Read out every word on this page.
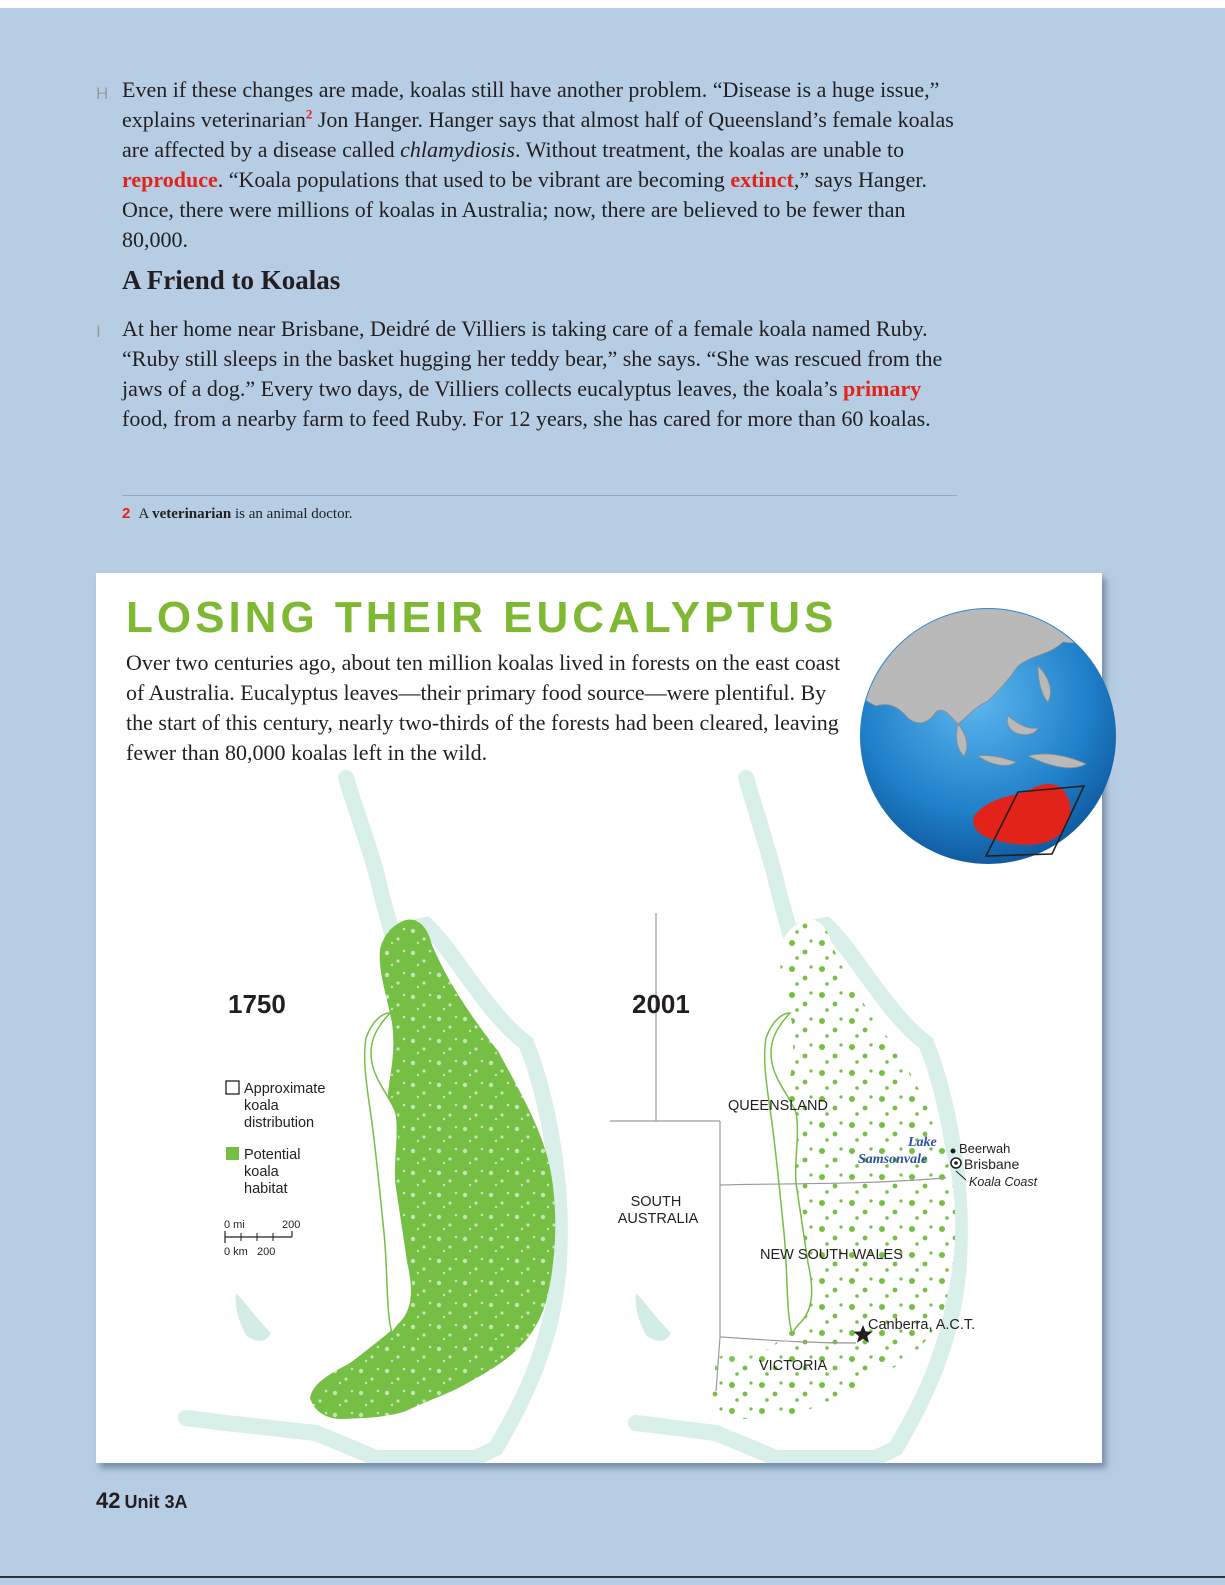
H Even if these changes are made, koalas still have another problem. “Disease is a huge issue,” explains veterinarian$^2$ Jon Hanger. Hanger says that almost half of Queensland’s female koalas are affected by a disease called chlamydiosis. Without treatment, the koalas are unable to reproduce. “Koala populations that used to be vibrant are becoming extinct,” says Hanger. Once, there were millions of koalas in Australia; now, there are believed to be fewer than 80,000.

A Friend to Koalas
I At her home near Brisbane, Deidré de Villiers is taking care of a female koala named Ruby. “Ruby still sleeps in the basket hugging her teddy bear,” she says. “She was rescued from the jaws of a dog.” Every two days, de Villiers collects eucalyptus leaves, the koala’s primary food, from a nearby farm to feed Ruby. For 12 years, she has cared for more than 60 koalas.

2 A veterinarian is an animal doctor.

LOSING THEIR EUCALYPTUS

Over two centuries ago, about ten million koalas lived in forests on the east coast of Australia. Eucalyptus leaves—their primary food source—were plentiful. By the start of this century, nearly two-thirds of the forests had been cleared, leaving fewer than 80,000 koalas left in the wild.

1750
Approximate koala distribution
Potential koala habitat
0 mi	200
0 km 200
2001
QUEENSLAND
SOUTH AUSTRALIA
NEW SOUTH WALES
VICTORIA
Lake
Samsonvale
Beerwah
Brisbane
Koala Coast
Canberra, A.C.T.
42 Unit 3A
